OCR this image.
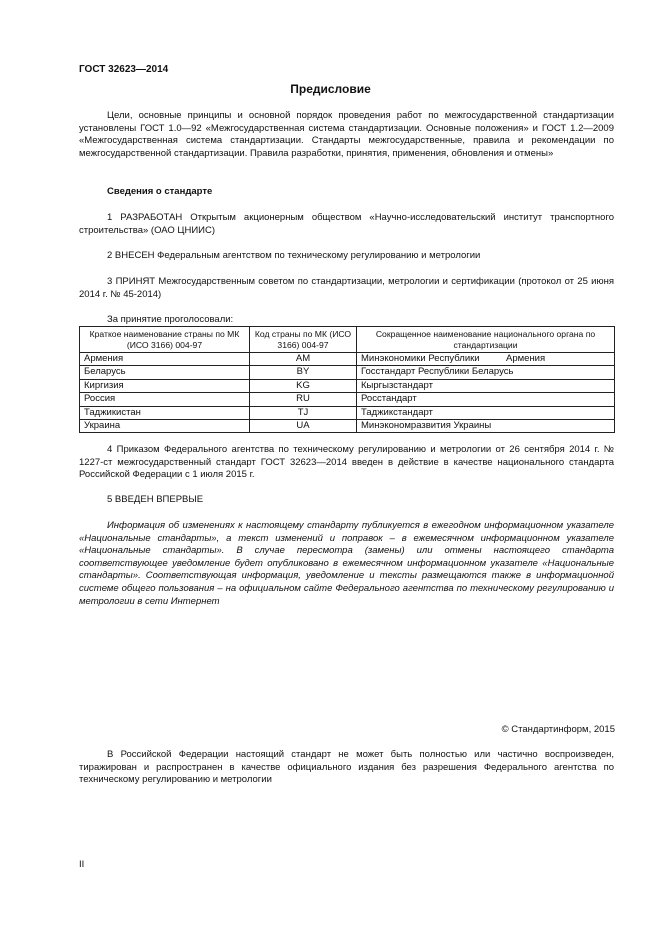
ГОСТ 32623—2014
Предисловие
Цели, основные принципы и основной порядок проведения работ по межгосударственной стандартизации установлены ГОСТ 1.0—92 «Межгосударственная система стандартизации. Основные положения» и ГОСТ 1.2—2009 «Межгосударственная система стандартизации. Стандарты межгосударственные, правила и рекомендации по межгосударственной стандартизации. Правила разработки, принятия, применения, обновления и отмены»
Сведения о стандарте
1 РАЗРАБОТАН Открытым акционерным обществом «Научно-исследовательский институт транспортного строительства» (ОАО ЦНИИС)
2 ВНЕСЕН Федеральным агентством по техническому регулированию и метрологии
3 ПРИНЯТ Межгосударственным советом по стандартизации, метрологии и сертификации (протокол от 25 июня 2014 г. № 45-2014)
За принятие проголосовали:
Краткое наименование страны по МК (ИСО 3166) 004-97	Код страны по МК (ИСО 3166) 004-97	Сокращенное наименование национального органа по стандартизации
Армения	AM	Минэкономики Республики          Армения
Беларусь	BY	Госстандарт Республики Беларусь
Киргизия	KG	Кыргызстандарт
Россия	RU	Росстандарт
Таджикистан	TJ	Таджикстандарт
Украина	UA	Минэкономразвития Украины
4 Приказом Федерального агентства по техническому регулированию и метрологии от 26 сентября 2014 г. № 1227-ст межгосударственный стандарт ГОСТ 32623—2014 введен в действие в качестве национального стандарта Российской Федерации с 1 июля 2015 г.
5 ВВЕДЕН ВПЕРВЫЕ
Информация об изменениях к настоящему стандарту публикуется в ежегодном информационном указателе «Национальные стандарты», а текст изменений и поправок – в ежемесячном информационном указателе «Национальные стандарты». В случае пересмотра (замены) или отмены настоящего стандарта соответствующее уведомление будет опубликовано в ежемесячном информационном указателе «Национальные стандарты». Соответствующая информация, уведомление и тексты размещаются также в информационной системе общего пользования – на официальном сайте Федерального агентства по техническому регулированию и метрологии в сети Интернет
© Стандартинформ, 2015
В Российской Федерации настоящий стандарт не может быть полностью или частично воспроизведен, тиражирован и распространен в качестве официального издания без разрешения Федерального агентства по техническому регулированию и метрологии
II
